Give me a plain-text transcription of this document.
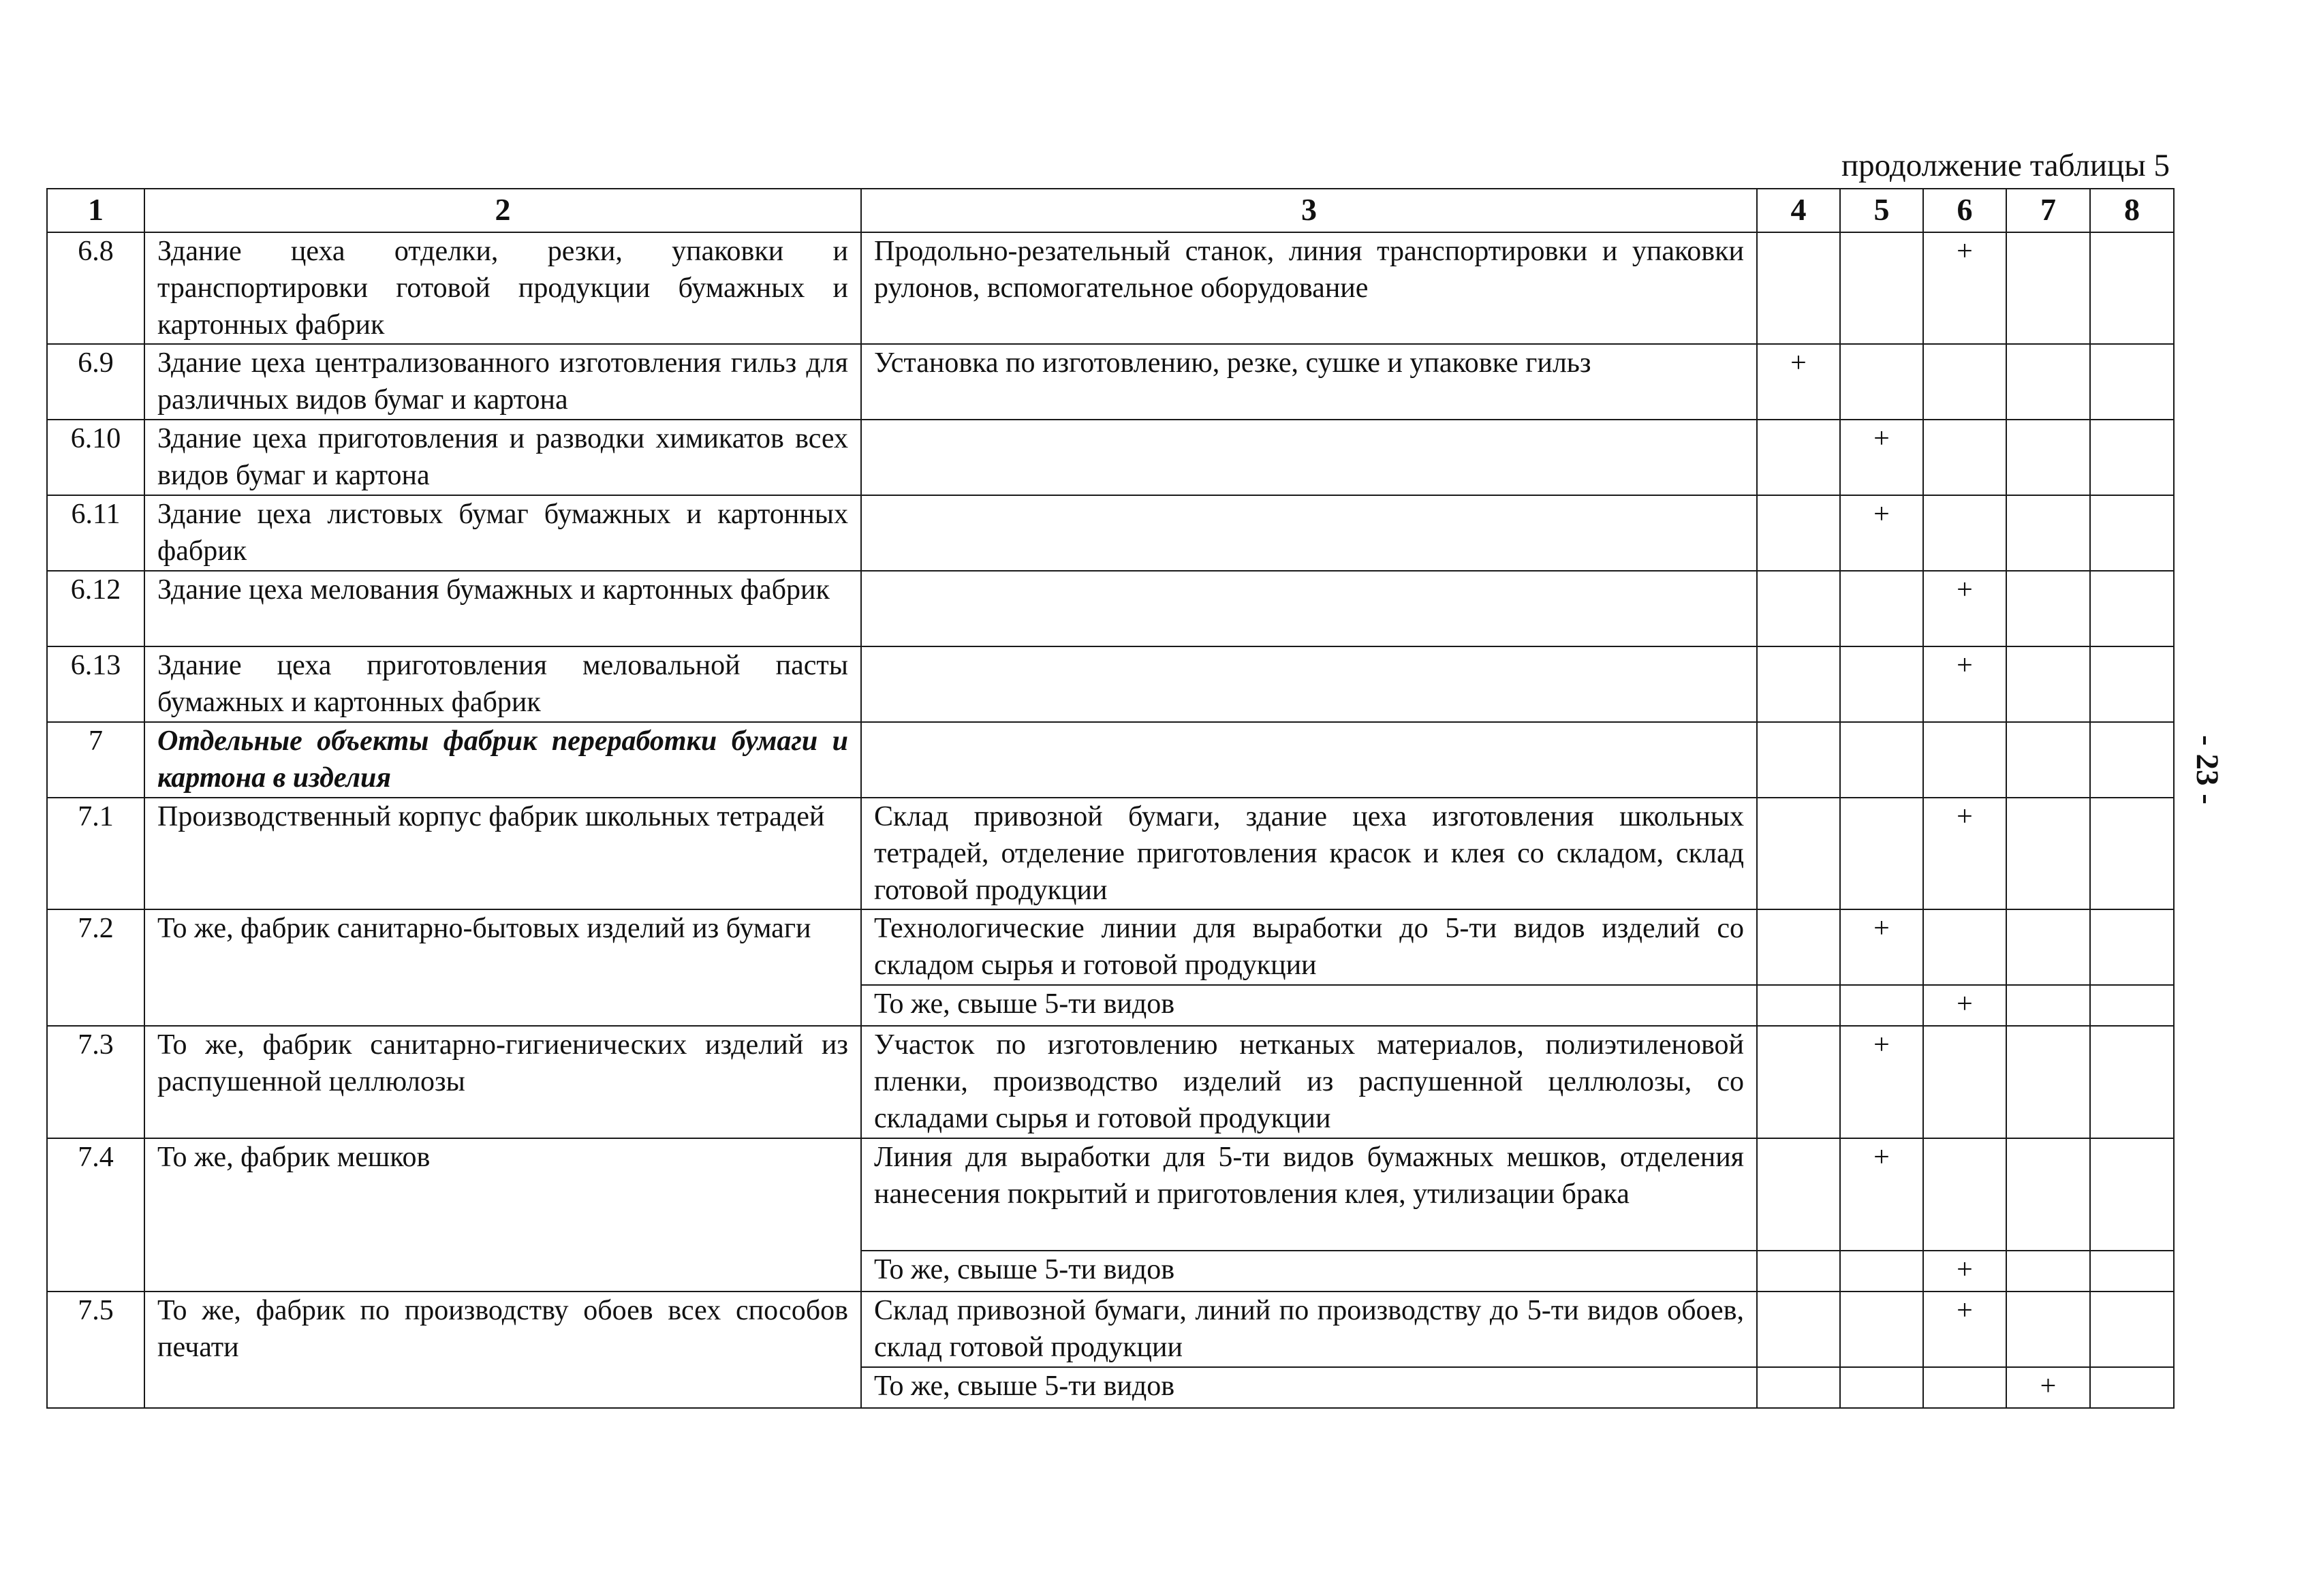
продолжение таблицы 5
- 23 -
1	2	3	4	5	6	7	8
6.8	Здание цеха отделки, резки, упаковки и транспортировки готовой продукции бумажных и картонных фабрик	Продольно-резательный станок, линия транспортировки и упаковки рулонов, вспомогательное оборудование			+		
6.9	Здание цеха централизованного изготовления гильз для различных видов бумаг и картона	Установка по изготовлению, резке, сушке и упаковке гильз	+				
6.10	Здание цеха приготовления и разводки химикатов всех видов бумаг и картона			+			
6.11	Здание цеха листовых бумаг бумажных и картонных фабрик			+			
6.12	Здание цеха мелования бумажных и картонных фабрик				+		
6.13	Здание цеха приготовления меловальной пасты бумажных и картонных фабрик				+		
7	Отдельные объекты фабрик переработки бумаги и картона в изделия						
7.1	Производственный корпус фабрик школьных тетрадей	Склад привозной бумаги, здание цеха изготовления школьных тетрадей, отделение приготовления красок и клея со складом, склад готовой продукции			+		
7.2	То же, фабрик санитарно-бытовых изделий из бумаги	Технологические линии для выработки до 5-ти видов изделий со складом сырья и готовой продукции		+			
		То же, свыше 5-ти видов			+		
7.3	То же, фабрик санитарно-гигиенических изделий из распушенной целлюлозы	Участок по изготовлению нетканых материалов, полиэтиленовой пленки, производство изделий из распушенной целлюлозы, со складами сырья и готовой продукции		+			
7.4	То же, фабрик мешков	Линия для выработки для 5-ти видов бумажных мешков, отделения нанесения покрытий и приготовления клея, утилизации брака		+			
		То же, свыше 5-ти видов			+		
7.5	То же, фабрик по производству обоев всех способов печати	Склад привозной бумаги, линий по производству до 5-ти видов обоев, склад готовой продукции			+		
		То же, свыше 5-ти видов				+	
